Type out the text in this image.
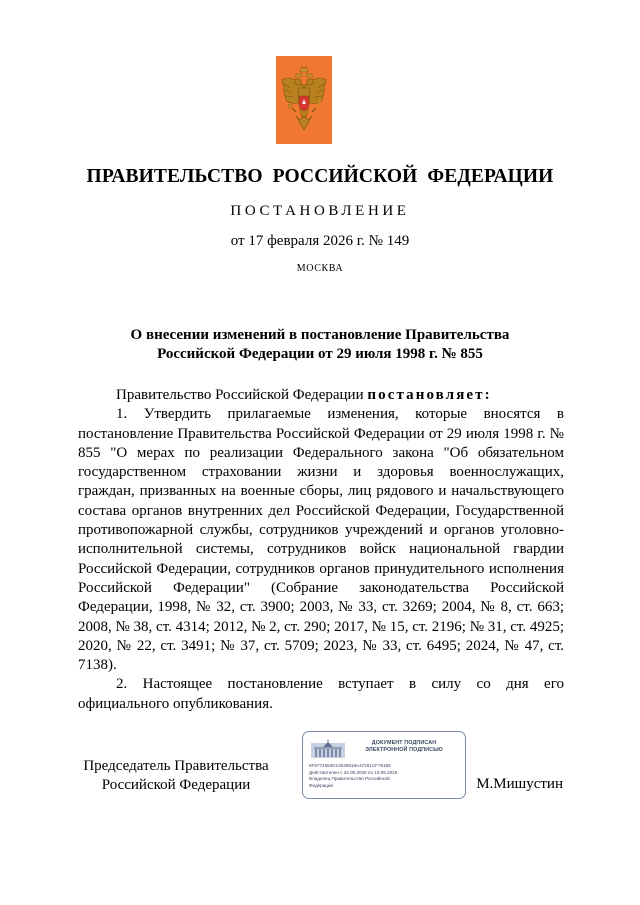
ПРАВИТЕЛЬСТВО РОССИЙСКОЙ ФЕДЕРАЦИИ
ПОСТАНОВЛЕНИЕ
от 17 февраля 2026 г. № 149
МОСКВА
О внесении изменений в постановление Правительства
Российской Федерации от 29 июля 1998 г. № 855

Правительство Российской Федерации постановляет:

1. Утвердить прилагаемые изменения, которые вносятся в постановление Правительства Российской Федерации от 29 июля 1998 г. № 855 "О мерах по реализации Федерального закона "Об обязательном государственном страховании жизни и здоровья военнослужащих, граждан, призванных на военные сборы, лиц рядового и начальствующего состава органов внутренних дел Российской Федерации, Государственной противопожарной службы, сотрудников учреждений и органов уголовно-исполнительной системы, сотрудников войск национальной гвардии Российской Федерации, сотрудников органов принудительного исполнения Российской Федерации" (Собрание законодательства Российской Федерации, 1998, № 32, ст. 3900; 2003, № 33, ст. 3269; 2004, № 8, ст. 663; 2008, № 38, ст. 4314; 2012, № 2, ст. 290; 2017, № 15, ст. 2196; № 31, ст. 4925; 2020, № 22, ст. 3491; № 37, ст. 5709; 2023, № 33, ст. 6495; 2024, № 47, ст. 7138).

2. Настоящее постановление вступает в силу со дня его официального опубликования.

Председатель Правительства
Российской Федерации
ДОКУМЕНТ ПОДПИСАН
ЭЛЕКТРОННОЙ ПОДПИСЬЮ
6F6774654D13040818A47261CF79155
Действителен с 22.05.2025 по 15.08.2026
Владелец Правительство Российской
Федерации	М.Мишустин
